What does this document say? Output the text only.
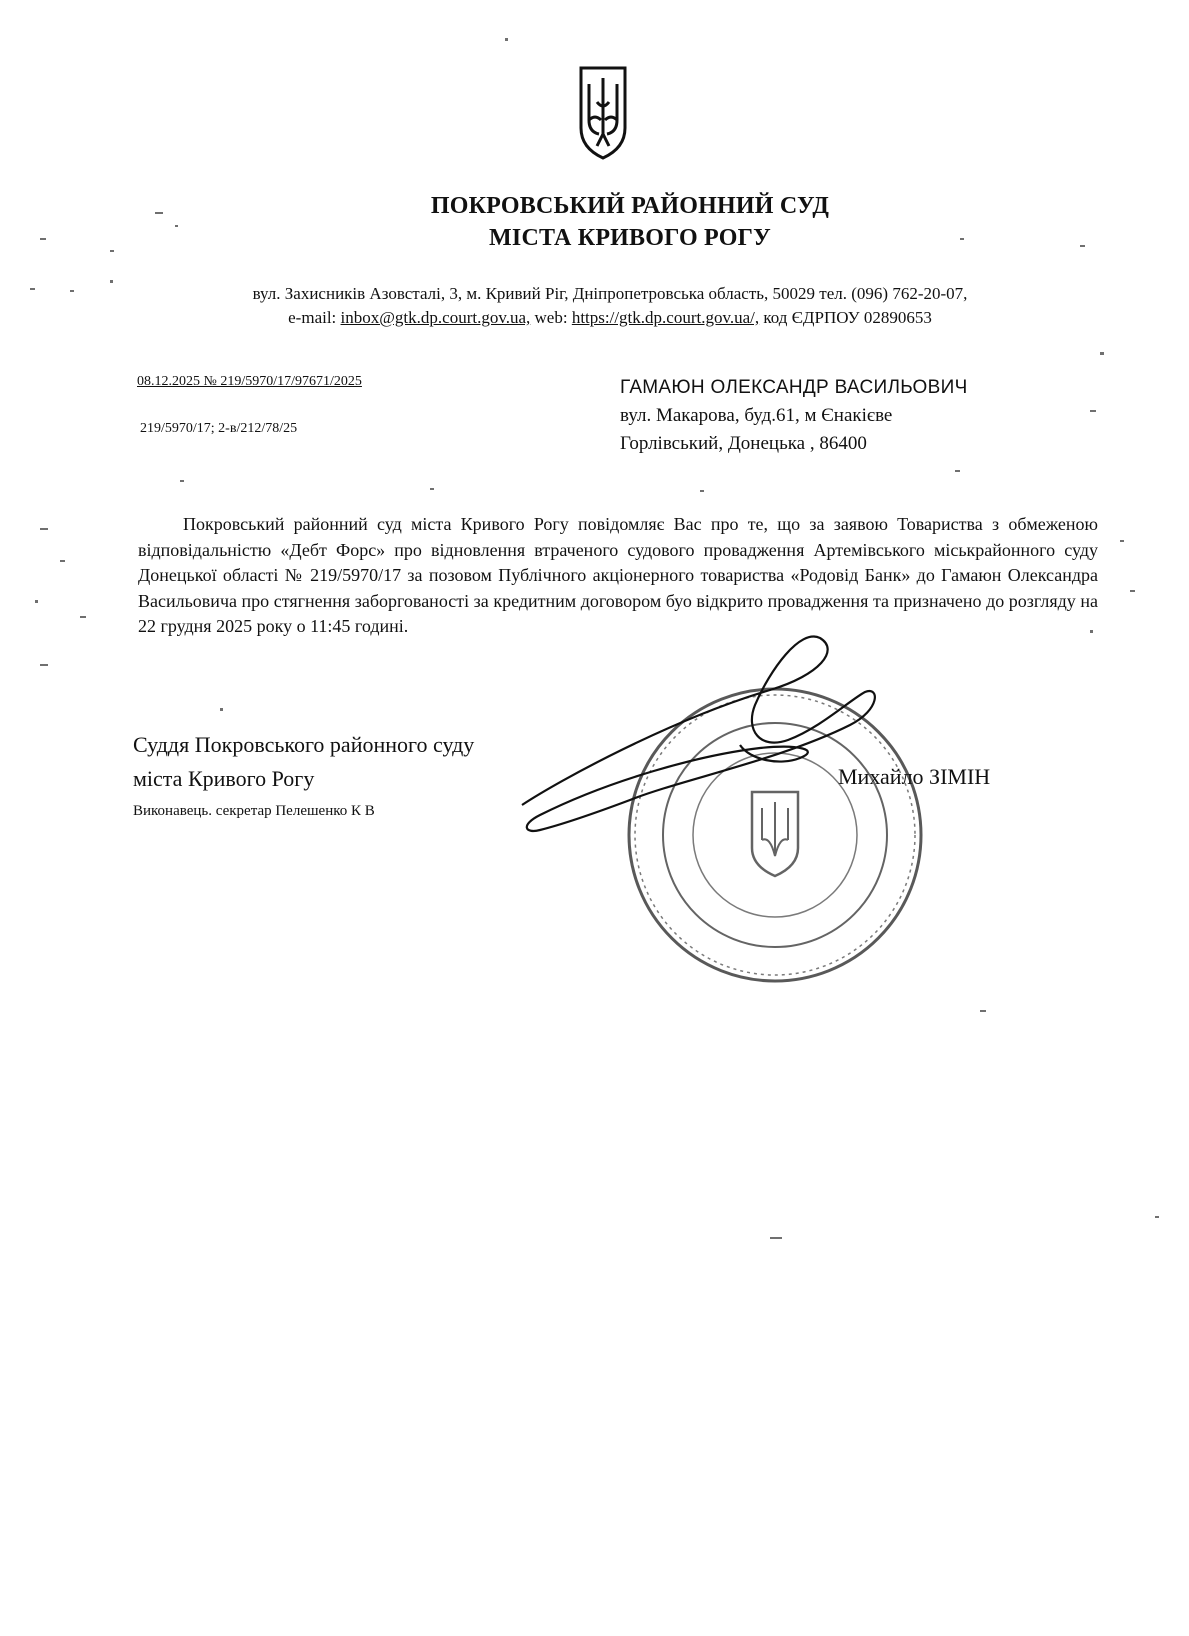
ПОКРОВСЬКИЙ РАЙОННИЙ СУД
МІСТА КРИВОГО РОГУ
вул. Захисників Азовсталі, 3, м. Кривий Ріг, Дніпропетровська область, 50029 тел. (096) 762-20-07,
e-mail: inbox@gtk.dp.court.gov.ua, web: https://gtk.dp.court.gov.ua/, код ЄДРПОУ 02890653
08.12.2025 № 219/5970/17/97671/2025
219/5970/17; 2-в/212/78/25
ГАМАЮН ОЛЕКСАНДР ВАСИЛЬОВИЧ
вул. Макарова, буд.61, м Єнакієве
Горлівський, Донецька , 86400
Покровський районний суд міста Кривого Рогу повідомляє Вас про те, що за заявою Товариства з обмеженою відповідальністю «Дебт Форс» про відновлення втраченого судового провадження Артемівського міськрайонного суду Донецької області № 219/5970/17 за позовом Публічного акціонерного товариства «Родовід Банк» до Гамаюн Олександра Васильовича про стягнення заборгованості за кредитним договором буо відкрито провадження та призначено до розгляду на 22 грудня 2025 року о 11:45 годині.
Суддя Покровського районного суду
міста Кривого Рогу
Виконавець. секретар Пелешенко К В
Михайло ЗІМІН
